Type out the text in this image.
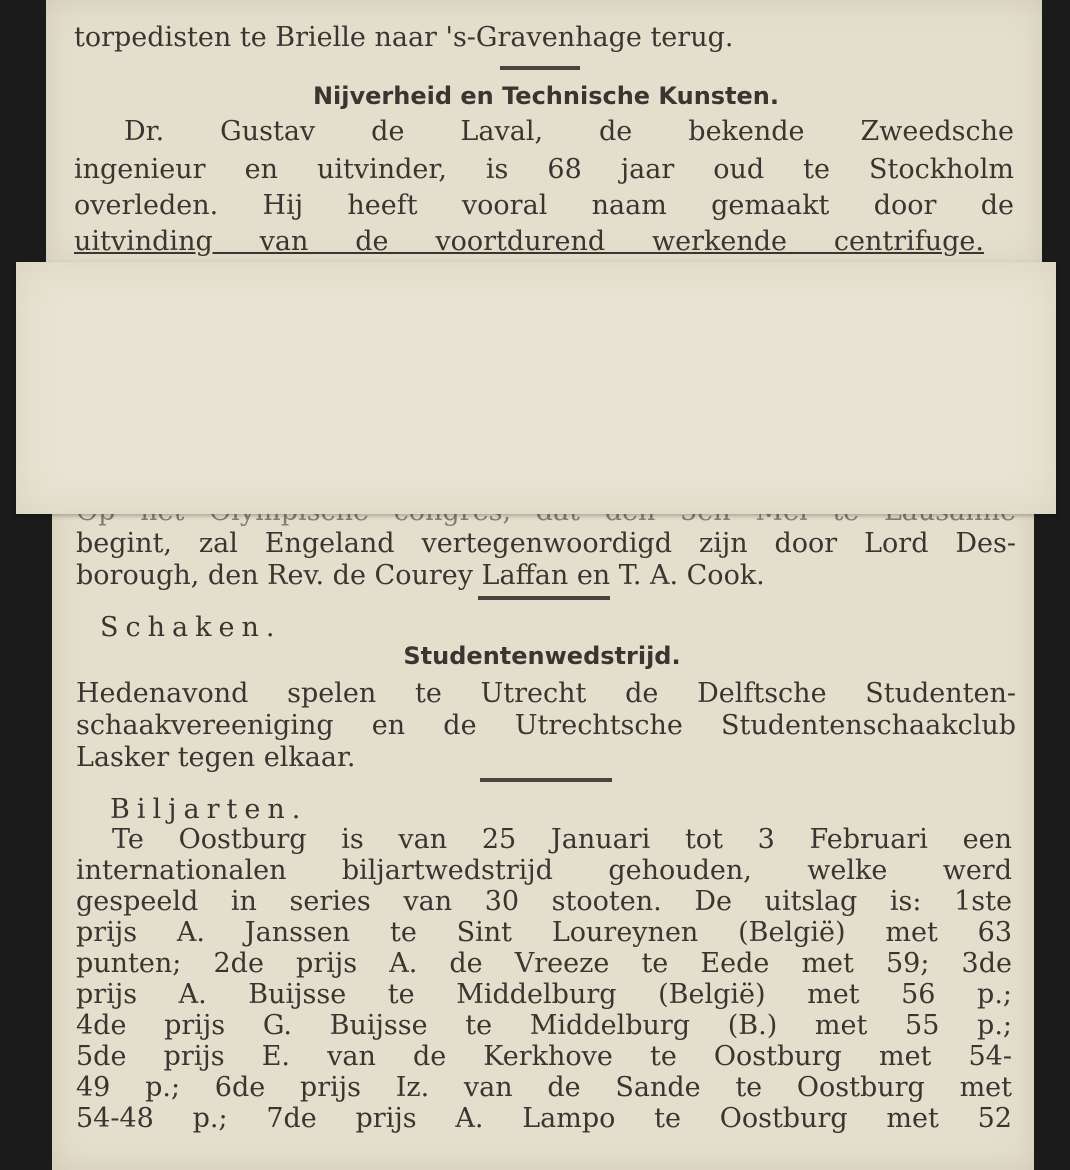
torpedisten te Brielle naar 's-Gravenhage terug.
Nijverheid en Technische Kunsten.
Dr. Gustav de Laval, de bekende Zweedsche
ingenieur en uitvinder, is 68 jaar oud te Stockholm
overleden. Hij heeft vooral naam gemaakt door de
uitvinding van de voortdurend werkende centrifuge.
begint, zal Engeland vertegenwoordigd zijn door Lord Des-
borough, den Rev. de Courey Laffan en T. A. Cook.
Schaken.
Studentenwedstrijd.
Hedenavond spelen te Utrecht de Delftsche Studenten-
schaakvereeniging en de Utrechtsche Studentenschaakclub
Lasker tegen elkaar.
Biljarten.
Te Oostburg is van 25 Januari tot 3 Februari een
internationalen biljartwedstrijd gehouden, welke werd
gespeeld in series van 30 stooten. De uitslag is: 1ste
prijs A. Janssen te Sint Loureynen (België) met 63
punten; 2de prijs A. de Vreeze te Eede met 59; 3de
prijs A. Buijsse te Middelburg (België) met 56 p.;
4de prijs G. Buijsse te Middelburg (B.) met 55 p.;
5de prijs E. van de Kerkhove te Oostburg met 54-
49 p.; 6de prijs Iz. van de Sande te Oostburg met
54-48 p.; 7de prijs A. Lampo te Oostburg met 52
